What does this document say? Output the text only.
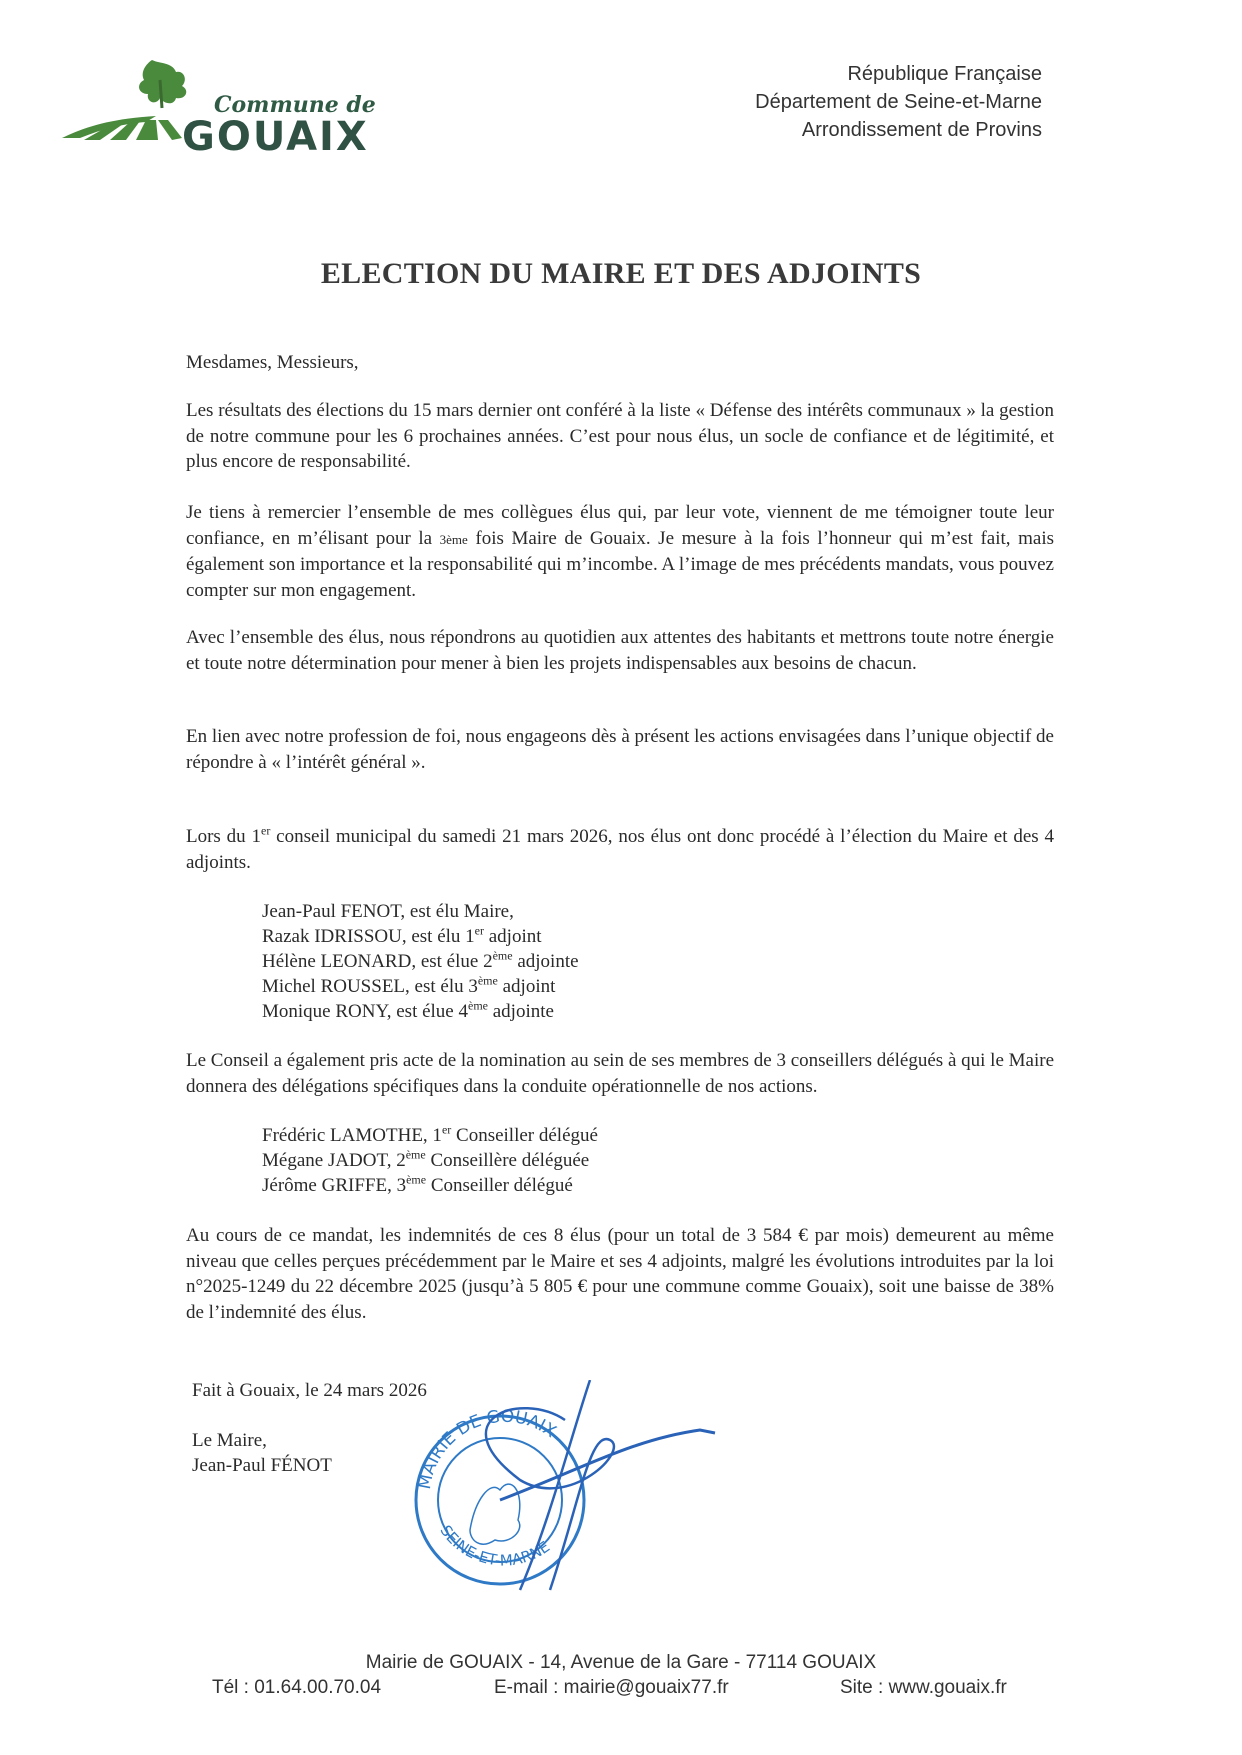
Commune de
GOUAIX
République Française
Département de Seine-et-Marne
Arrondissement de Provins
ELECTION DU MAIRE ET DES ADJOINTS
Mesdames, Messieurs,
Les résultats des élections du 15 mars dernier ont conféré à la liste « Défense des intérêts communaux » la gestion de notre commune pour les 6 prochaines années. C’est pour nous élus, un socle de confiance et de légitimité, et plus encore de responsabilité.
Je tiens à remercier l’ensemble de mes collègues élus qui, par leur vote, viennent de me témoigner toute leur confiance, en m’élisant pour la 3ème fois Maire de Gouaix. Je mesure à la fois l’honneur qui m’est fait, mais également son importance et la responsabilité qui m’incombe. A l’image de mes précédents mandats, vous pouvez compter sur mon engagement.
Avec l’ensemble des élus, nous répondrons au quotidien aux attentes des habitants et mettrons toute notre énergie et toute notre détermination pour mener à bien les projets indispensables aux besoins de chacun.
En lien avec notre profession de foi, nous engageons dès à présent les actions envisagées dans l’unique objectif de répondre à « l’intérêt général ».
Lors du 1er conseil municipal du samedi 21 mars 2026, nos élus ont donc procédé à l’élection du Maire et des 4 adjoints.
Jean-Paul FENOT, est élu Maire,
Razak IDRISSOU, est élu 1er adjoint
Hélène LEONARD, est élue 2ème adjointe
Michel ROUSSEL, est élu 3ème adjoint
Monique RONY, est élue 4ème adjointe
Le Conseil a également pris acte de la nomination au sein de ses membres de 3 conseillers délégués à qui le Maire donnera des délégations spécifiques dans la conduite opérationnelle de nos actions.
Frédéric LAMOTHE, 1er Conseiller délégué
Mégane JADOT, 2ème Conseillère déléguée
Jérôme GRIFFE, 3ème Conseiller délégué
Au cours de ce mandat, les indemnités de ces 8 élus (pour un total de 3 584 € par mois) demeurent au même niveau que celles perçues précédemment par le Maire et ses 4 adjoints, malgré les évolutions introduites par la loi n°2025-1249 du 22 décembre 2025 (jusqu’à 5 805 € pour une commune comme Gouaix), soit une baisse de 38% de l’indemnité des élus.
Fait à Gouaix, le 24 mars 2026
Le Maire,
Jean-Paul FÉNOT
MAIRIE DE GOUAIX
SEINE-ET-MARNE
Mairie de GOUAIX - 14, Avenue de la Gare - 77114 GOUAIX
Tél : 01.64.00.70.04	E-mail : mairie@gouaix77.fr	Site : www.gouaix.fr
